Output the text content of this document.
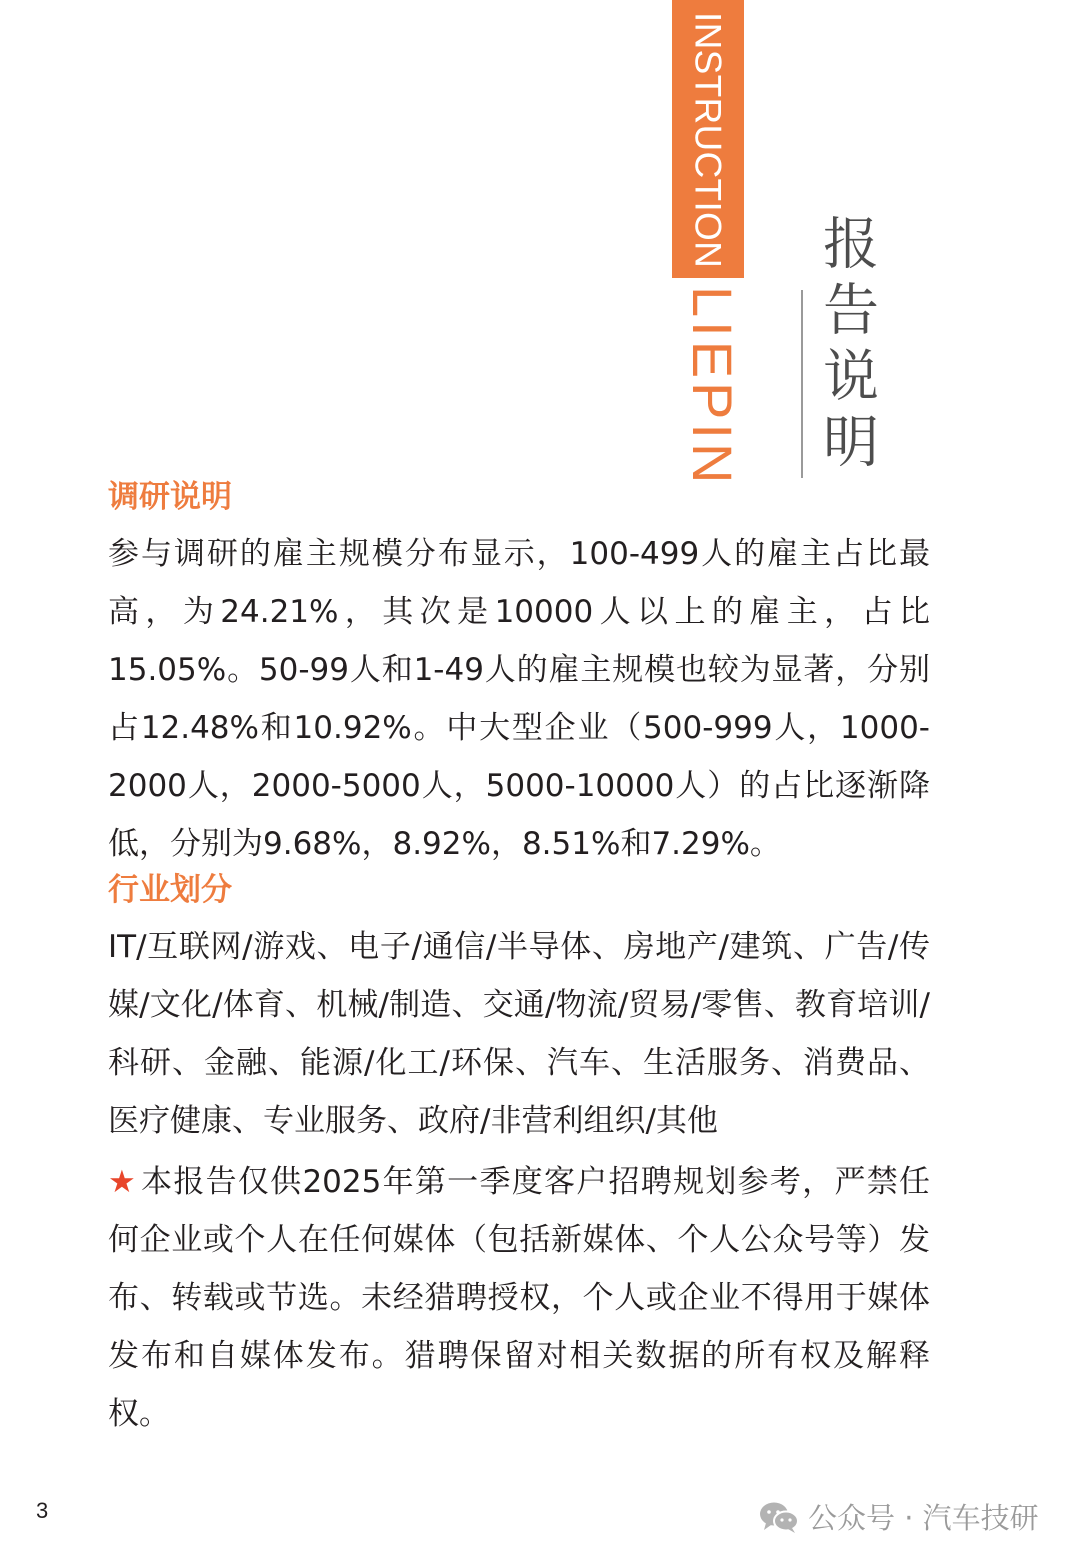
INSTRUCTION
LIEPIN 报告说明
调研说明

参与调研的雇主规模分布显示，100-499人的雇主占比最高，为24.21%，其次是10000人以上的雇主，占比15.05%。50-99人和1-49人的雇主规模也较为显著，分别占12.48%和10.92%。中大型企业（500-999人，1000-2000人，2000-5000人，5000-10000人）的占比逐渐降低，分别为9.68%，8.92%，8.51%和7.29%。

行业划分

IT/互联网/游戏、电子/通信/半导体、房地产/建筑、广告/传媒/文化/体育、机械/制造、交通/物流/贸易/零售、教育培训/科研、金融、能源/化工/环保、汽车、生活服务、消费品、医疗健康、专业服务、政府/非营利组织/其他

★ 本报告仅供2025年第一季度客户招聘规划参考，严禁任何企业或个人在任何媒体（包括新媒体、个人公众号等）发布、转载或节选。未经猎聘授权，个人或企业不得用于媒体发布和自媒体发布。猎聘保留对相关数据的所有权及解释权。

3	公众号 · 汽车技研
